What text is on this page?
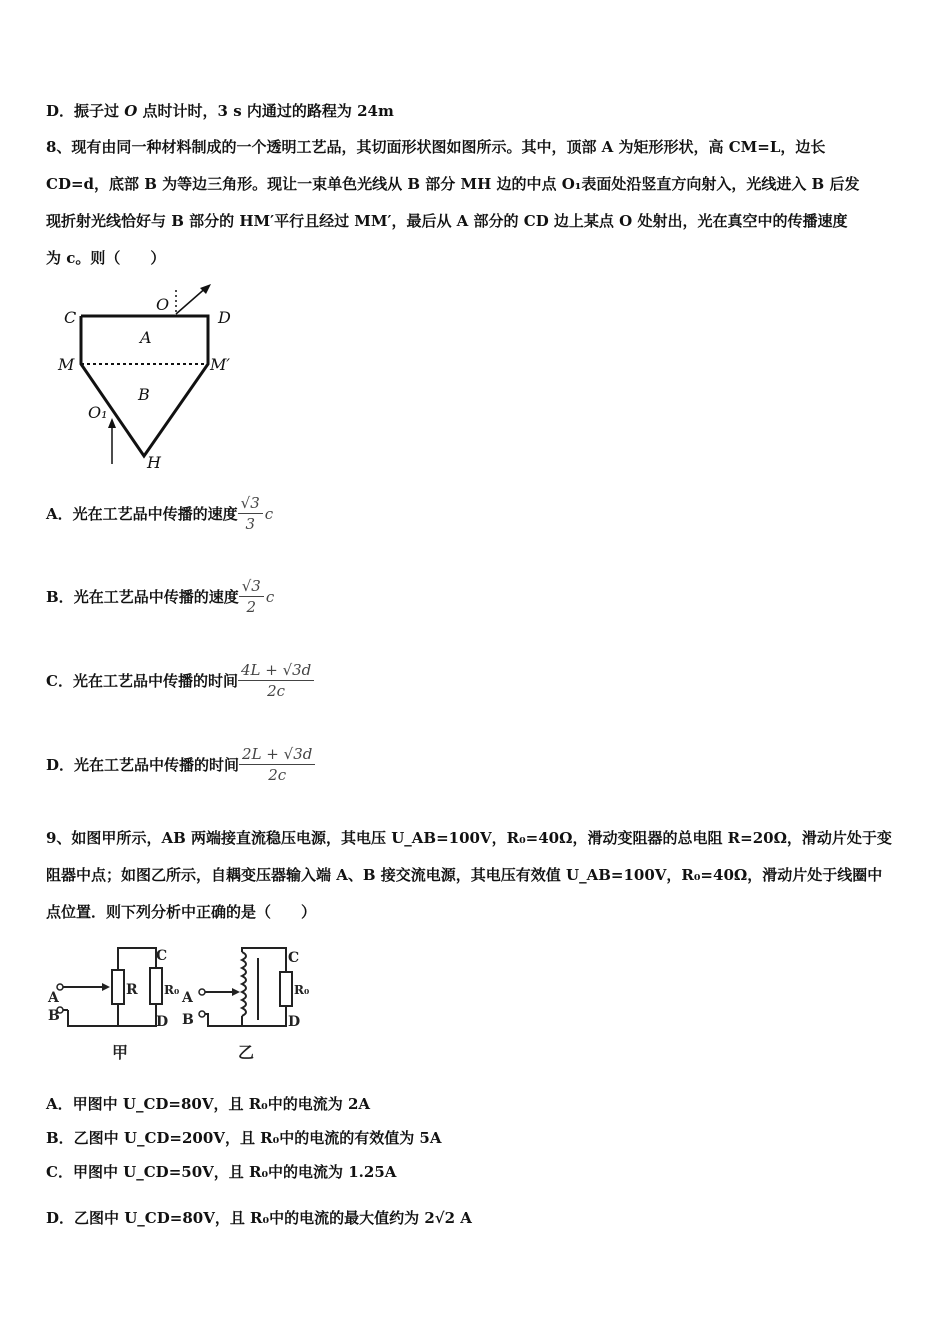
D．振子过 O 点时计时，3 s 内通过的路程为 24m
8、现有由同一种材料制成的一个透明工艺品，其切面形状图如图所示。其中，顶部 A 为矩形形状，高 CM=L，边长
CD=d，底部 B 为等边三角形。现让一束单色光线从 B 部分 MH 边的中点 O₁表面处沿竖直方向射入，光线进入 B 后发
现折射光线恰好与 B 部分的 HM′平行且经过 MM′，最后从 A 部分的 CD 边上某点 O 处射出，光在真空中的传播速度
为 c。则（　　）
C	D
M	M′
A
B
O
O₁
H
A． 光在工艺品中传播的速度 $\frac{√3}{3}$ c
B． 光在工艺品中传播的速度 $\frac{√3}{2}$ c
C． 光在工艺品中传播的时间 $\frac{4L + √3d}{2c}$
D． 光在工艺品中传播的时间 $\frac{2L + √3d}{2c}$
9、如图甲所示，AB 两端接直流稳压电源，其电压 U_AB=100V，R₀=40Ω，滑动变阻器的总电阻 R=20Ω，滑动片处于变
阻器中点；如图乙所示，自耦变压器输入端 A、B 接交流电源，其电压有效值 U_AB=100V，R₀=40Ω，滑动片处于线圈中
点位置．则下列分析中正确的是（　　）
A
B
C
D
R R₀ A
B
C
D
R₀
甲	乙
A．甲图中 U_CD=80V，且 R₀中的电流为 2A
B．乙图中 U_CD=200V，且 R₀中的电流的有效值为 5A
C．甲图中 U_CD=50V，且 R₀中的电流为 1.25A
D．乙图中 U_CD=80V，且 R₀中的电流的最大值约为 2√2 A
